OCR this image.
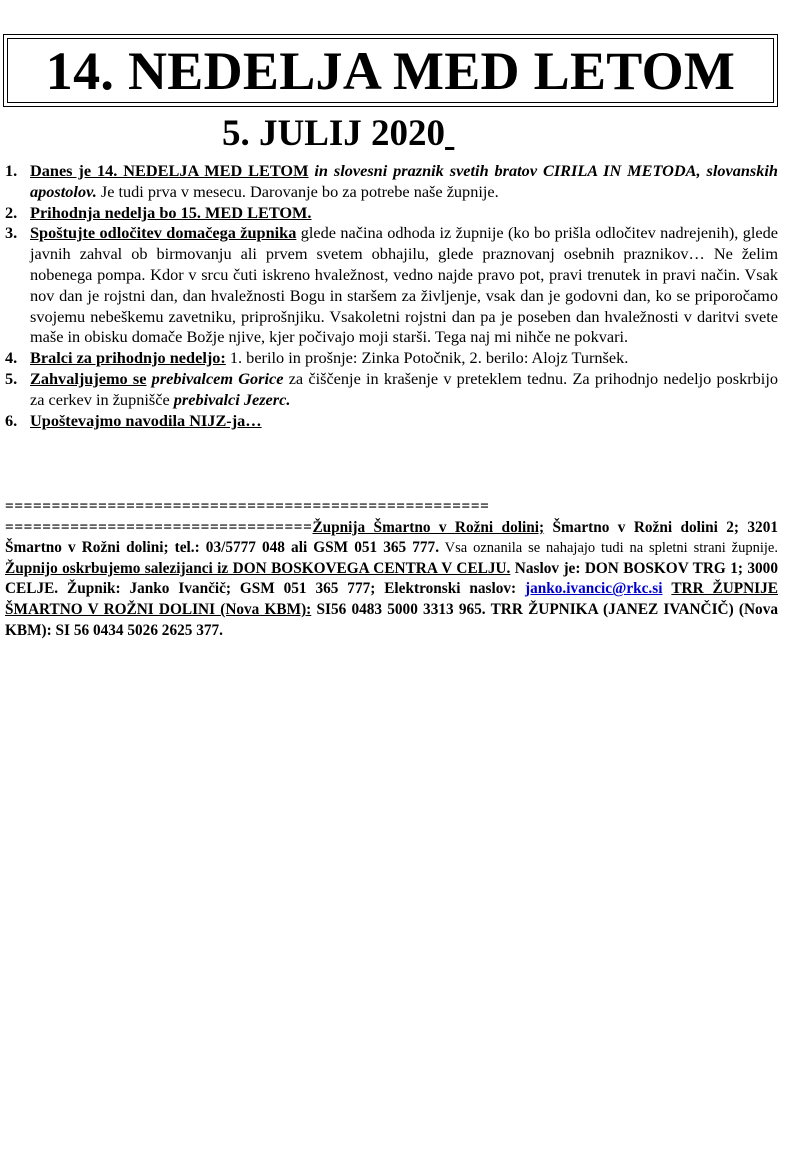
14. NEDELJA MED LETOM
5. JULIJ 2020
1. Danes je 14. NEDELJA MED LETOM in slovesni praznik svetih bratov CIRILA IN METODA, slovanskih apostolov. Je tudi prva v mesecu. Darovanje bo za potrebe naše župnije.
2. Prihodnja nedelja bo 15. MED LETOM.
3. Spoštujte odločitev domačega župnika glede načina odhoda iz župnije (ko bo prišla odločitev nadrejenih), glede javnih zahval ob birmovanju ali prvem svetem obhajilu, glede praznovanj osebnih praznikov… Ne želim nobenega pompa. Kdor v srcu čuti iskreno hvaležnost, vedno najde pravo pot, pravi trenutek in pravi način. Vsak nov dan je rojstni dan, dan hvaležnosti Bogu in staršem za življenje, vsak dan je godovni dan, ko se priporočamo svojemu nebeškemu zavetniku, priprošnjiku. Vsakoletni rojstni dan pa je poseben dan hvaležnosti v daritvi svete maše in obisku domače Božje njive, kjer počivajo moji starši. Tega naj mi nihče ne pokvari.
4. Bralci za prihodnjo nedeljo: 1. berilo in prošnje: Zinka Potočnik, 2. berilo: Alojz Turnšek.
5. Zahvaljujemo se prebivalcem Gorice za čiščenje in krašenje v preteklem tednu. Za prihodnjo nedeljo poskrbijo za cerkev in župnišče prebivalci Jezerc.
6. Upoštevajmo navodila NIJZ-ja…
====================================================
=================================Župnija Šmartno v Rožni dolini; Šmartno v Rožni dolini 2; 3201 Šmartno v Rožni dolini; tel.: 03/5777 048 ali GSM 051 365 777. Vsa oznanila se nahajajo tudi na spletni strani župnije. Župnijo oskrbujemo salezijanci iz DON BOSKOVEGA CENTRA V CELJU. Naslov je: DON BOSKOV TRG 1; 3000 CELJE. Župnik: Janko Ivančič; GSM 051 365 777; Elektronski naslov: janko.ivancic@rkc.si TRR ŽUPNIJE ŠMARTNO V ROŽNI DOLINI (Nova KBM): SI56 0483 5000 3313 965. TRR ŽUPNIKA (JANEZ IVANČIČ) (Nova KBM): SI 56 0434 5026 2625 377.
